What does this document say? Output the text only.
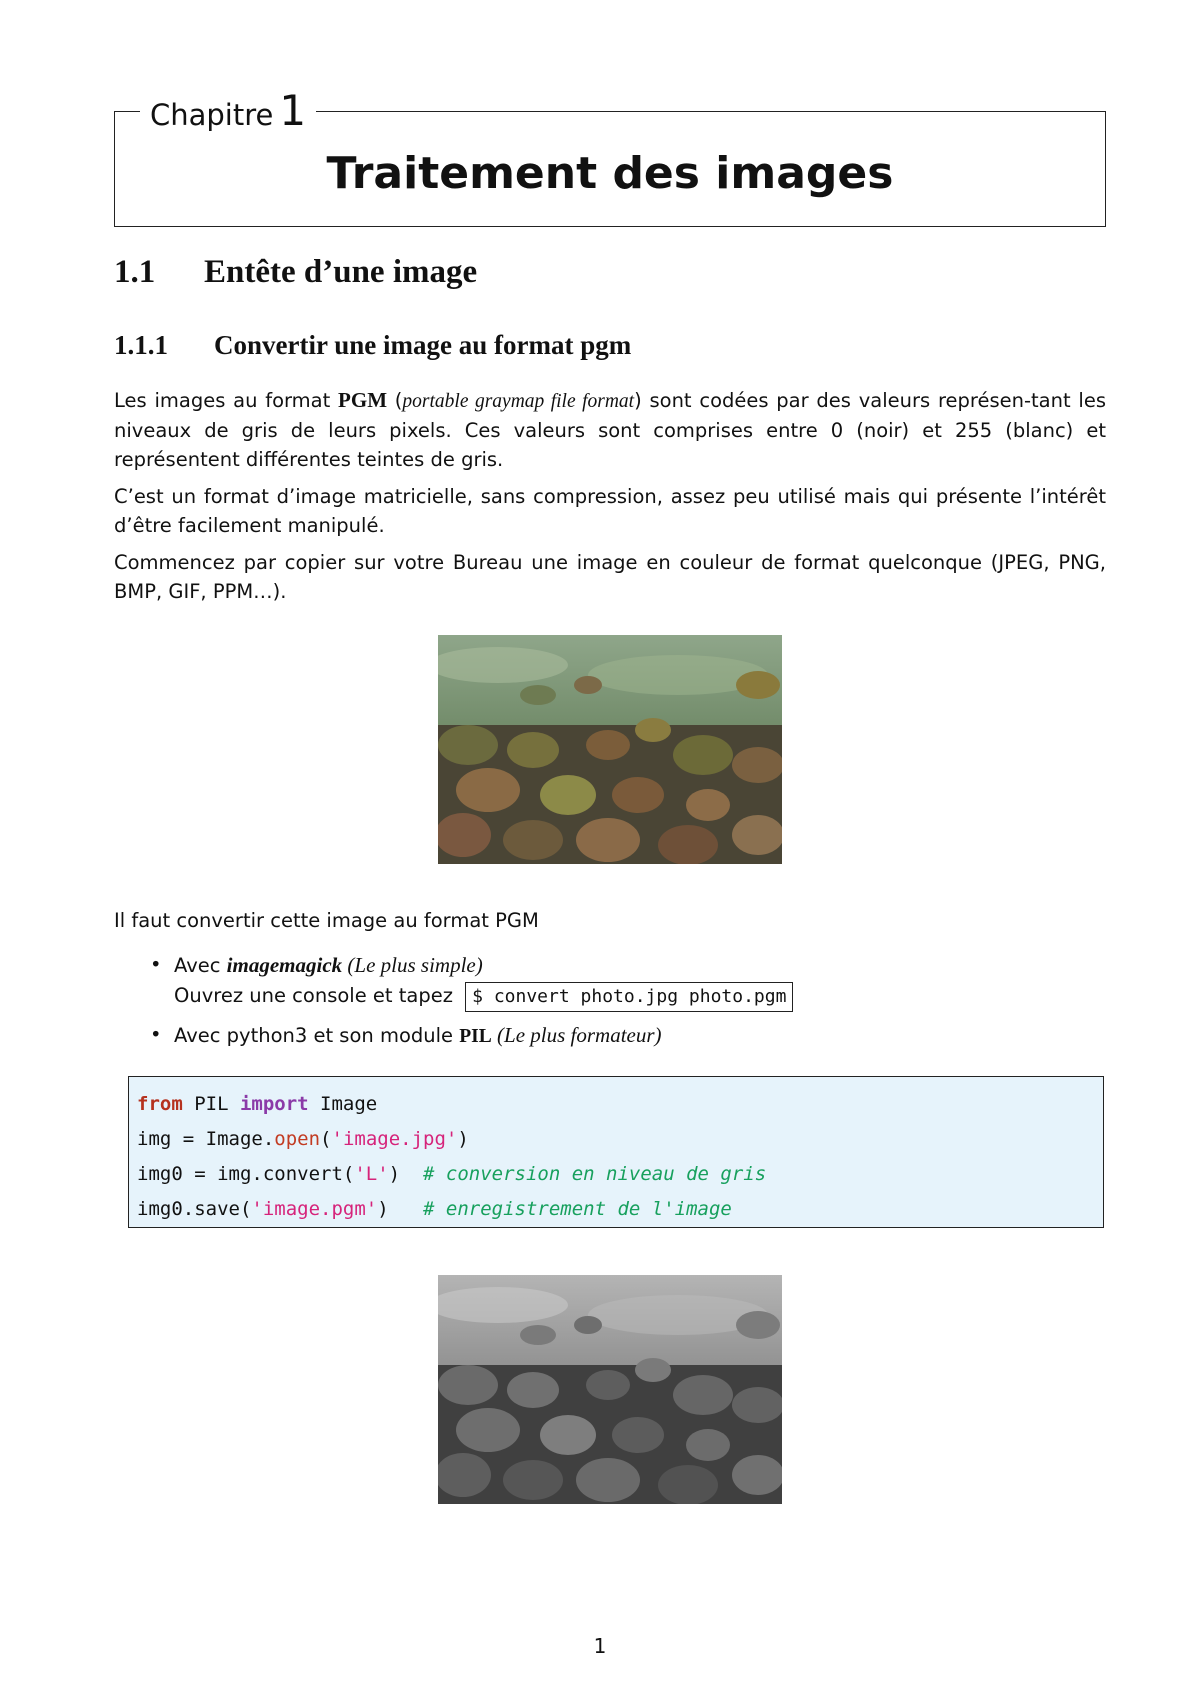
Chapitre 1
Traitement des images
1.1 Entête d’une image
1.1.1 Convertir une image au format pgm
Les images au format PGM (portable graymap file format) sont codées par des valeurs représen-tant les niveaux de gris de leurs pixels. Ces valeurs sont comprises entre 0 (noir) et 255 (blanc) et représentent différentes teintes de gris.
C’est un format d’image matricielle, sans compression, assez peu utilisé mais qui présente l’intérêt d’être facilement manipulé.
Commencez par copier sur votre Bureau une image en couleur de format quelconque (JPEG, PNG, BMP, GIF, PPM…).
Il faut convertir cette image au format PGM
• Avec imagemagick (Le plus simple)
Ouvrez une console et tapez $ convert photo.jpg photo.pgm
• Avec python3 et son module PIL (Le plus formateur)
from PIL import Image
img = Image.open('image.jpg')
img0 = img.convert('L')  # conversion en niveau de gris
img0.save('image.pgm')   # enregistrement de l'image
1
